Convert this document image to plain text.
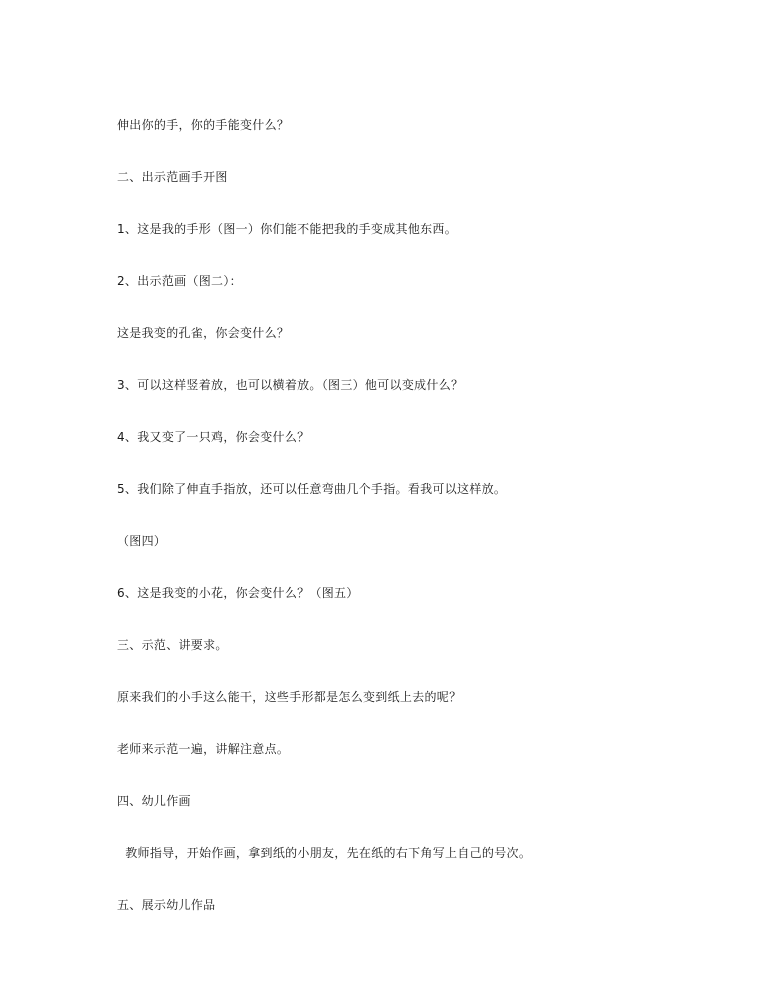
伸出你的手，你的手能变什么？
二、出示范画手开图
1、这是我的手形（图一）你们能不能把我的手变成其他东西。
2、出示范画（图二）：
这是我变的孔雀，你会变什么？
3、可以这样竖着放，也可以横着放。（图三）他可以变成什么？
4、我又变了一只鸡，你会变什么？
5、我们除了伸直手指放，还可以任意弯曲几个手指。看我可以这样放。
（图四）
6、这是我变的小花，你会变什么？（图五）
三、示范、讲要求。
原来我们的小手这么能干，这些手形都是怎么变到纸上去的呢？
老师来示范一遍，讲解注意点。
四、幼儿作画
教师指导，开始作画，拿到纸的小朋友，先在纸的右下角写上自己的号次。
五、展示幼儿作品
